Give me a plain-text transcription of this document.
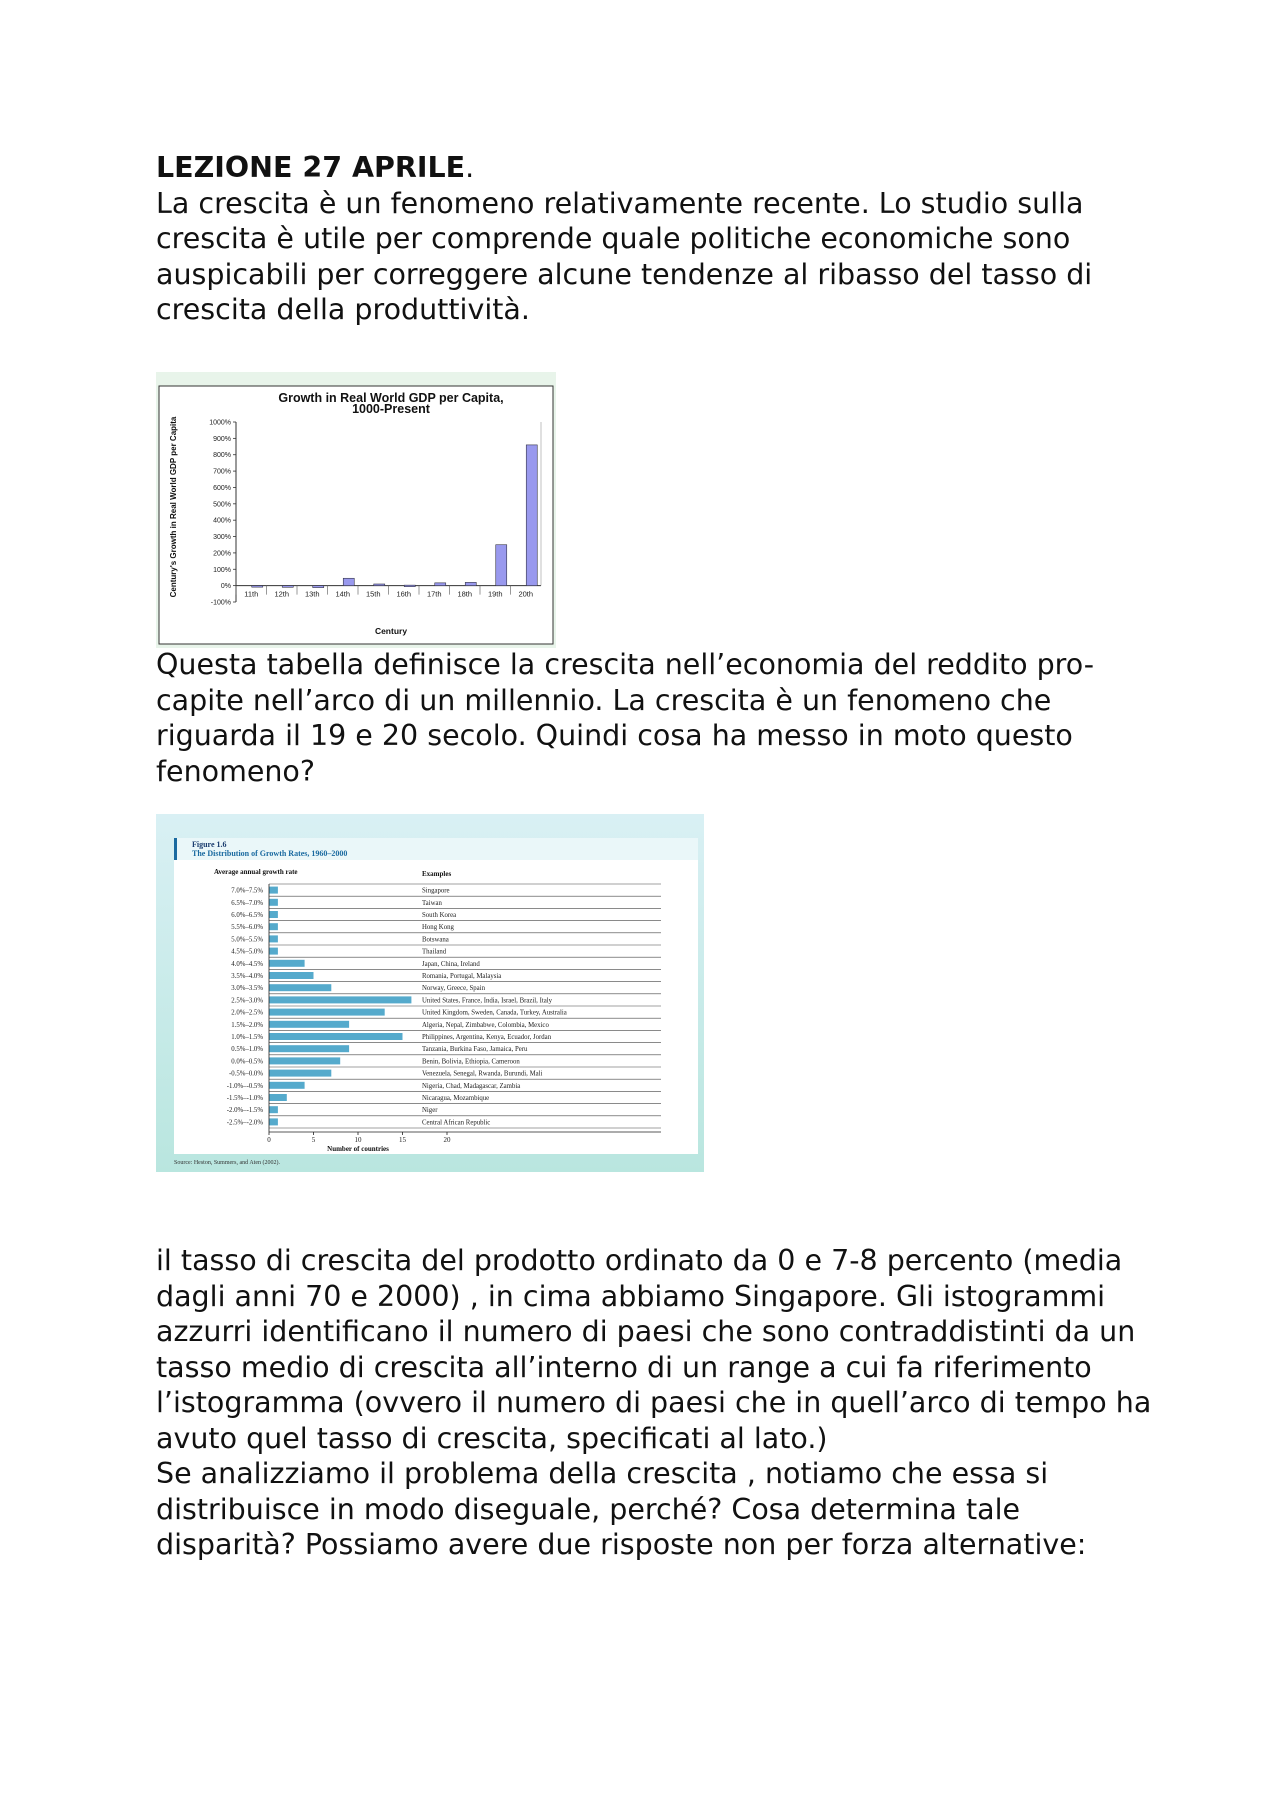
LEZIONE 27 APRILE.

La crescita è un fenomeno relativamente recente. Lo studio sulla crescita è utile per comprende quale politiche economiche sono auspicabili per correggere alcune tendenze al ribasso del tasso di crescita della produttività.

Growth in Real World GDP per Capita,
1000-Present
-100%
0%
100%
200%
300%
400%
500%
600%
700%
800%
900%
1000%
11th 12th 13th 14th 15th 16th 17th 18th 19th 20th
Century
Century's Growth in Real World GDP per Capita

Questa tabella definisce la crescita nell’economia del reddito pro-capite nell’arco di un millennio. La crescita è un fenomeno che riguarda il 19 e 20 secolo. Quindi cosa ha messo in moto questo fenomeno?

Figure 1.6
The Distribution of Growth Rates, 1960–2000
Average annual growth rate	Examples
7.0%–7.5%	Singapore
6.5%–7.0%	Taiwan
6.0%–6.5%	South Korea
5.5%–6.0%	Hong Kong
5.0%–5.5%	Botswana
4.5%–5.0%	Thailand
4.0%–4.5%	Japan, China, Ireland
3.5%–4.0%	Romania, Portugal, Malaysia
3.0%–3.5%	Norway, Greece, Spain
2.5%–3.0%	United States, France, India, Israel, Brazil, Italy
2.0%–2.5%	United Kingdom, Sweden, Canada, Turkey, Australia
1.5%–2.0%	Algeria, Nepal, Zimbabwe, Colombia, Mexico
1.0%–1.5%	Philippines, Argentina, Kenya, Ecuador, Jordan
0.5%–1.0%	Tanzania, Burkina Faso, Jamaica, Peru
0.0%–0.5%	Benin, Bolivia, Ethiopia, Cameroon
-0.5%–0.0%	Venezuela, Senegal, Rwanda, Burundi, Mali
-1.0%–-0.5%	Nigeria, Chad, Madagascar, Zambia
-1.5%–-1.0%	Nicaragua, Mozambique
-2.0%–-1.5%	Niger
-2.5%–-2.0%	Central African Republic
0	5	10	15	20
Number of countries
Source: Heston, Summers, and Aten (2002).

il tasso di crescita del prodotto ordinato da 0 e 7-8 percento (media dagli anni 70 e 2000) , in cima abbiamo Singapore. Gli istogrammi azzurri identificano il numero di paesi che sono contraddistinti da un tasso medio di crescita all’interno di un range a cui fa riferimento l’istogramma (ovvero il numero di paesi che in quell’arco di tempo ha avuto quel tasso di crescita, specificati al lato.)

Se analizziamo il problema della crescita , notiamo che essa si distribuisce in modo diseguale, perché? Cosa determina tale disparità? Possiamo avere due risposte non per forza alternative:
